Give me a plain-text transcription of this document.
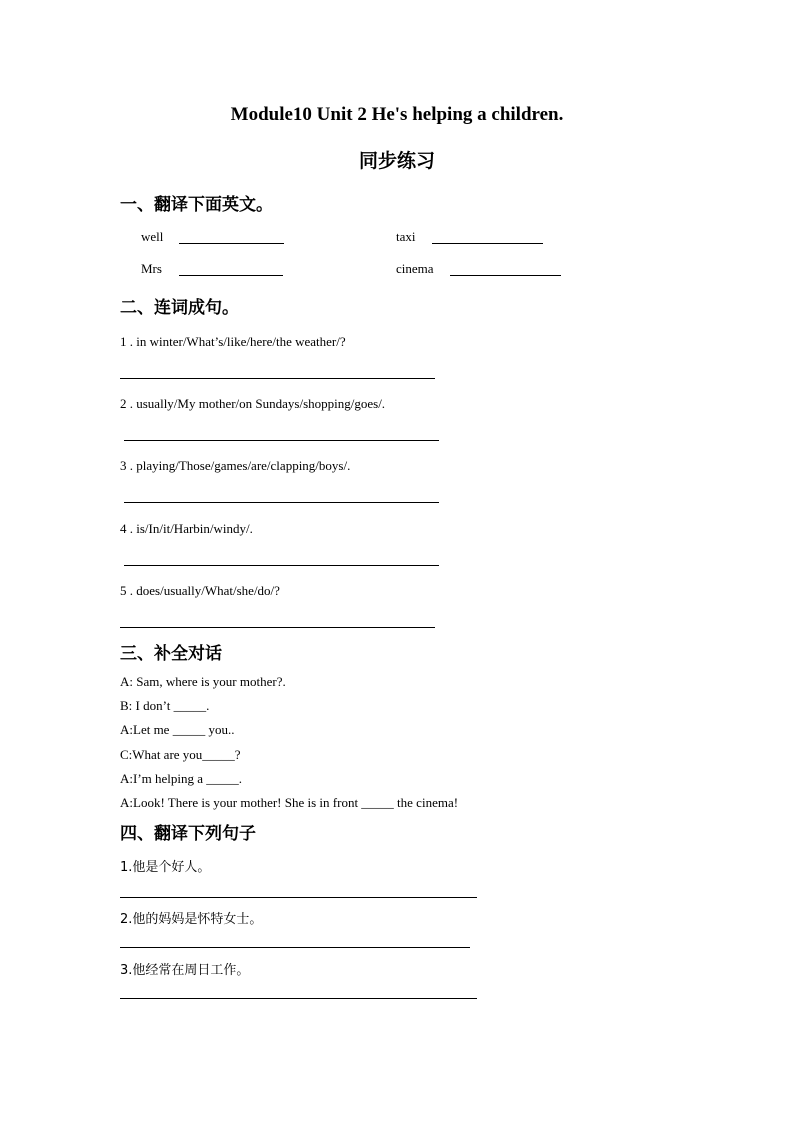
Module10 Unit 2 He's helping a children.
同步练习
一、翻译下面英文。
well	taxi
Mrs	cinema
二、连词成句。
1 . in winter/What’s/like/here/the weather/?
2 . usually/My mother/on Sundays/shopping/goes/.
3 . playing/Those/games/are/clapping/boys/.
4 . is/In/it/Harbin/windy/.
5 . does/usually/What/she/do/?
三、补全对话
A: Sam, where is your mother?.
B: I don’t _____.
A:Let me _____ you..
C:What are you_____?
A:I’m helping a _____.
A:Look! There is your mother! She is in front _____ the cinema!
四、翻译下列句子
1.他是个好人。
2.他的妈妈是怀特女士。
3.他经常在周日工作。
